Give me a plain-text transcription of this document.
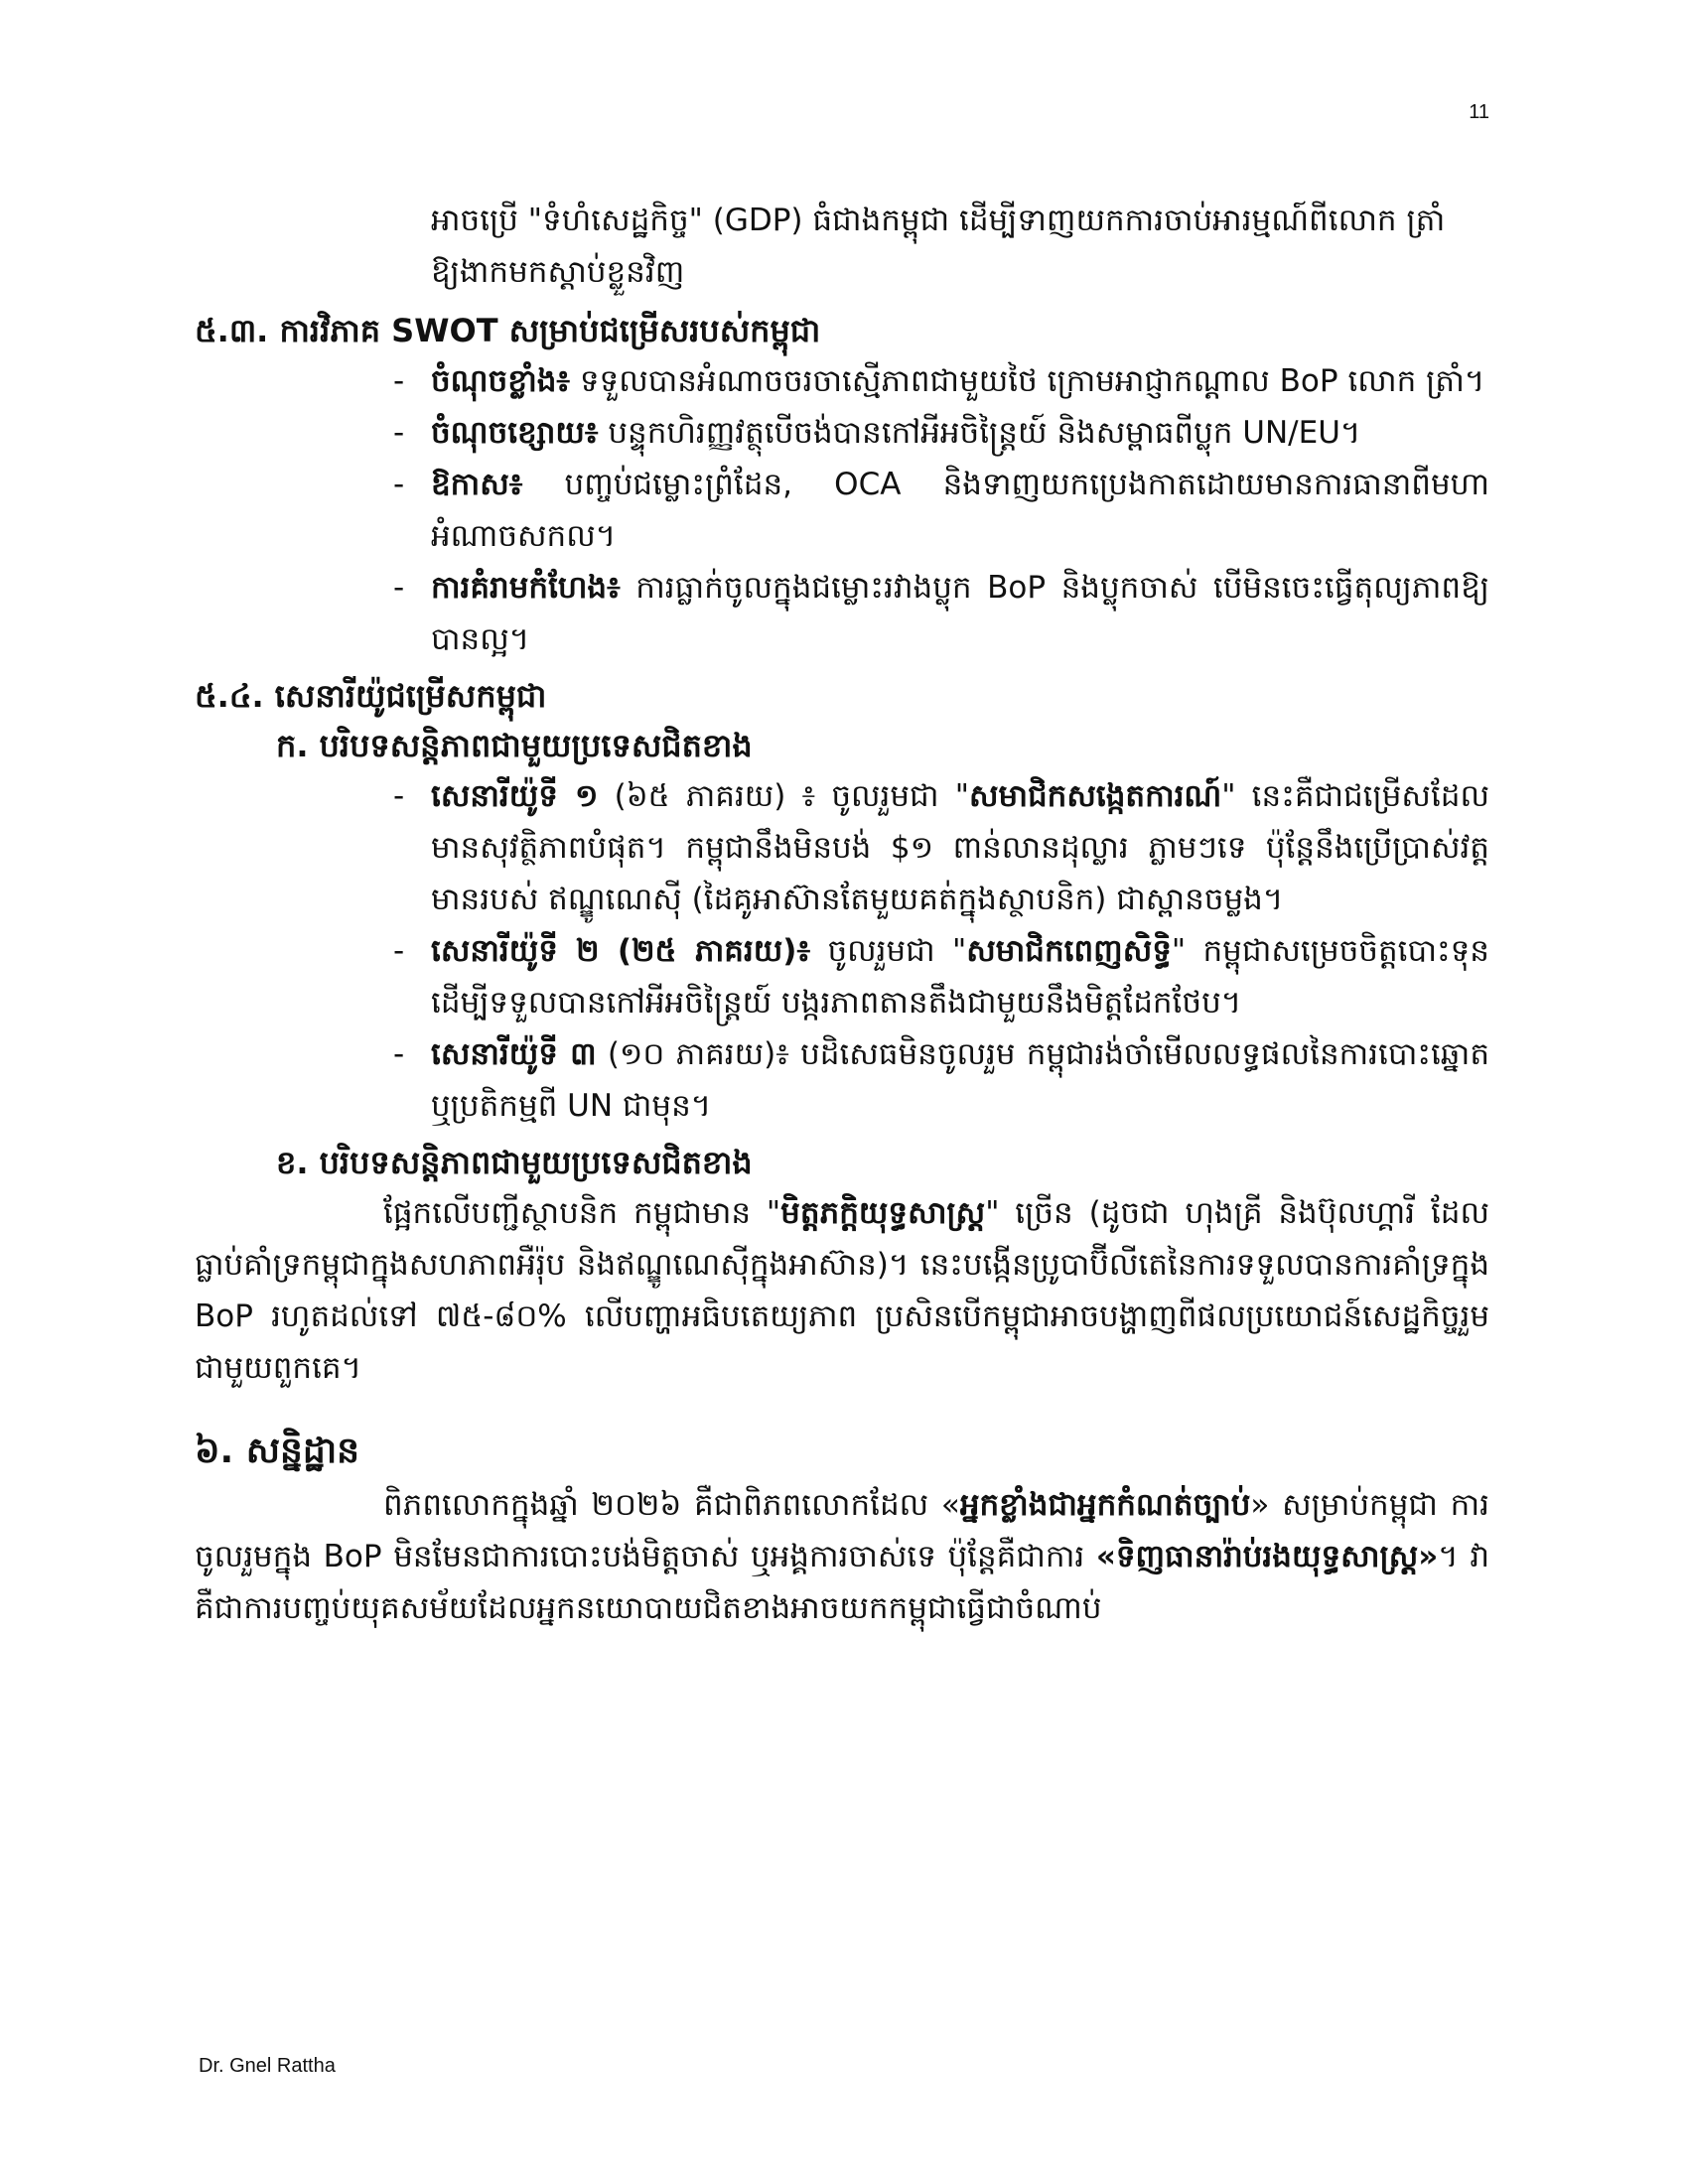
11

អាចប្រើ "ទំហំសេដ្ឋកិច្ច" (GDP) ធំជាងកម្ពុជា ដើម្បីទាញយកការចាប់អារម្មណ៍ពីលោក ត្រាំ ឱ្យងាកមកស្ដាប់ខ្លួនវិញ

៥.៣. ការវិភាគ SWOT សម្រាប់ជម្រើសរបស់កម្ពុជា
- ចំណុចខ្លាំង៖ ទទួលបានអំណាចចរចាស្មើភាពជាមួយថៃ ក្រោមអាជ្ញាកណ្ដាល BoP លោក ត្រាំ។
- ចំណុចខ្សោយ៖ បន្ទុកហិរញ្ញវត្ថុបើចង់បានកៅអីអចិន្ត្រៃយ៍ និងសម្ពាធពីប្លុក UN/EU។
- ឱកាស៖ បញ្ចប់ជម្លោះព្រំដែន, OCA និងទាញយកប្រេងកាតដោយមានការធានាពីមហាអំណាចសកល។
- ការគំរាមកំហែង៖ ការធ្លាក់ចូលក្នុងជម្លោះរវាងប្លុក BoP និងប្លុកចាស់ បើមិនចេះធ្វើតុល្យភាពឱ្យបានល្អ។
៥.៤. សេនារីយ៉ូជម្រើសកម្ពុជា
ក. បរិបទសន្តិភាពជាមួយប្រទេសជិតខាង
- សេនារីយ៉ូទី ១ (៦៥ ភាគរយ) ៖ ចូលរួមជា "សមាជិកសង្កេតការណ៍" នេះគឺជាជម្រើសដែលមានសុវត្ថិភាពបំផុត។ កម្ពុជានឹងមិនបង់ $១ ពាន់លានដុល្លារ ភ្លាមៗទេ ប៉ុន្តែនឹងប្រើប្រាស់វត្តមានរបស់ ឥណ្ឌូណេស៊ី (ដៃគូអាស៊ានតែមួយគត់ក្នុងស្ថាបនិក) ជាស្ពានចម្លង។
- សេនារីយ៉ូទី ២ (២៥ ភាគរយ)៖ ចូលរួមជា "សមាជិកពេញសិទ្ធិ" កម្ពុជាសម្រេចចិត្តបោះទុនដើម្បីទទួលបានកៅអីអចិន្ត្រៃយ៍ បង្ករភាពតានតឹងជាមួយនឹងមិត្តដែកថែប។
- សេនារីយ៉ូទី ៣ (១០ ភាគរយ)៖ បដិសេធមិនចូលរួម កម្ពុជារង់ចាំមើលលទ្ធផលនៃការបោះឆ្នោត ឬប្រតិកម្មពី UN ជាមុន។
ខ. បរិបទសន្តិភាពជាមួយប្រទេសជិតខាង

ផ្អែកលើបញ្ជីស្ថាបនិក កម្ពុជាមាន "មិត្តភក្តិយុទ្ធសាស្ត្រ" ច្រើន (ដូចជា ហុងគ្រី និងប៊ុលហ្គារី ដែលធ្លាប់គាំទ្រកម្ពុជាក្នុងសហភាពអឺរ៉ុប និងឥណ្ឌូណេស៊ីក្នុងអាស៊ាន)។ នេះបង្កើនប្រូបាប៊ីលីតេនៃការទទួលបានការគាំទ្រក្នុង BoP រហូតដល់ទៅ ៧៥-៨០% លើបញ្ហាអធិបតេយ្យភាព ប្រសិនបើកម្ពុជាអាចបង្ហាញពីផលប្រយោជន៍សេដ្ឋកិច្ចរួមជាមួយពួកគេ។

៦. សន្និដ្ឋាន

ពិភពលោកក្នុងឆ្នាំ ២០២៦ គឺជាពិភពលោកដែល «អ្នកខ្លាំងជាអ្នកកំណត់ច្បាប់» សម្រាប់កម្ពុជា ការចូលរួមក្នុង BoP មិនមែនជាការបោះបង់មិត្តចាស់ ឬអង្គការចាស់ទេ ប៉ុន្តែគឺជាការ «ទិញធានារ៉ាប់រងយុទ្ធសាស្ត្រ»។ វាគឺជាការបញ្ចប់យុគសម័យដែលអ្នកនយោបាយជិតខាងអាចយកកម្ពុជាធ្វើជាចំណាប់

Dr. Gnel Rattha
